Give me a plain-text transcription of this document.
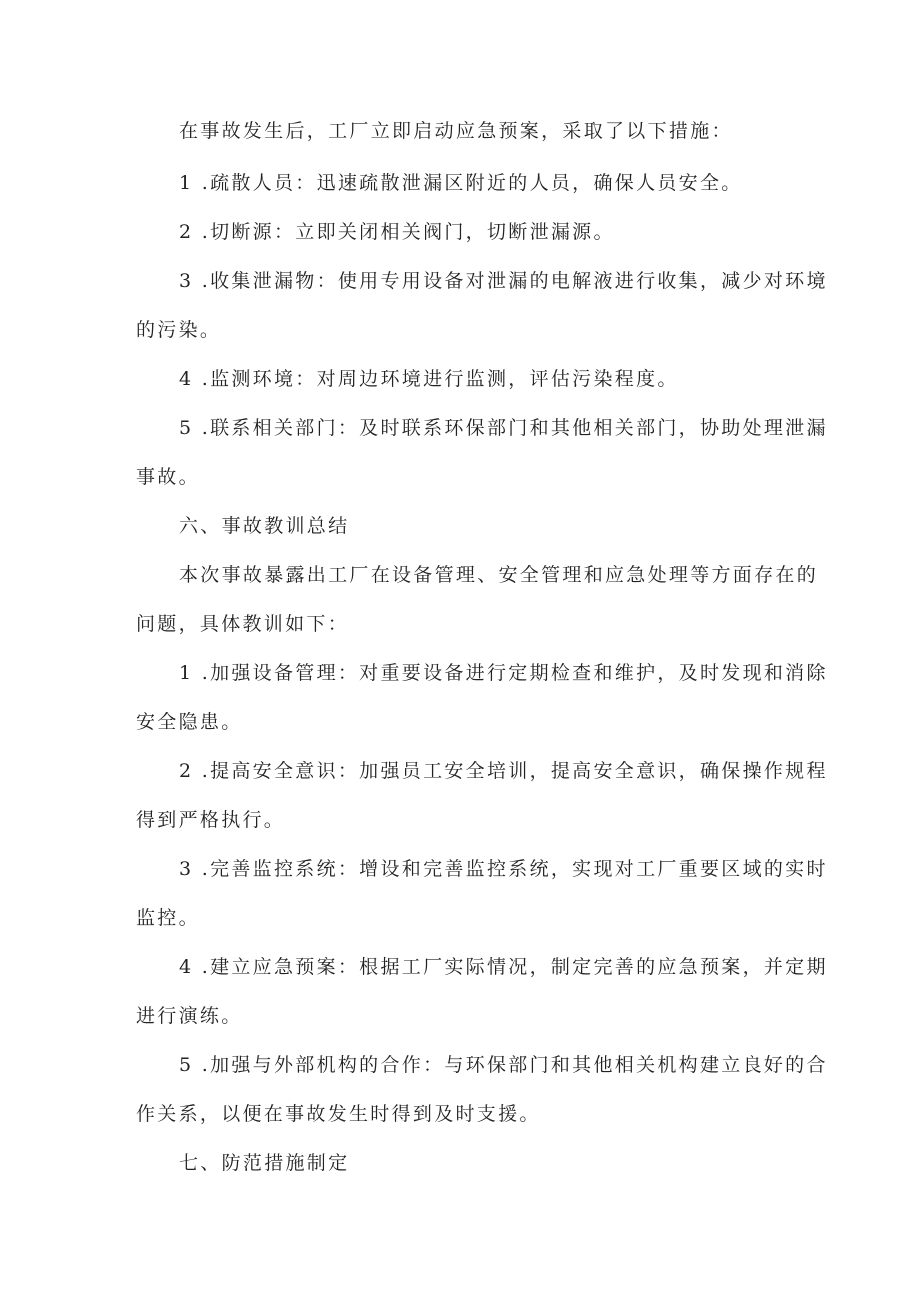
在事故发生后，工厂立即启动应急预案，采取了以下措施：

1 .疏散人员：迅速疏散泄漏区附近的人员，确保人员安全。

2 .切断源：立即关闭相关阀门，切断泄漏源。

3 .收集泄漏物：使用专用设备对泄漏的电解液进行收集，减少对环境

的污染。

4 .监测环境：对周边环境进行监测，评估污染程度。

5 .联系相关部门：及时联系环保部门和其他相关部门，协助处理泄漏

事故。

六、事故教训总结

本次事故暴露出工厂在设备管理、安全管理和应急处理等方面存在的

问题，具体教训如下：

1 .加强设备管理：对重要设备进行定期检查和维护，及时发现和消除

安全隐患。

2 .提高安全意识：加强员工安全培训，提高安全意识，确保操作规程

得到严格执行。

3 .完善监控系统：增设和完善监控系统，实现对工厂重要区域的实时

监控。

4 .建立应急预案：根据工厂实际情况，制定完善的应急预案，并定期

进行演练。

5 .加强与外部机构的合作：与环保部门和其他相关机构建立良好的合

作关系，以便在事故发生时得到及时支援。

七、防范措施制定
